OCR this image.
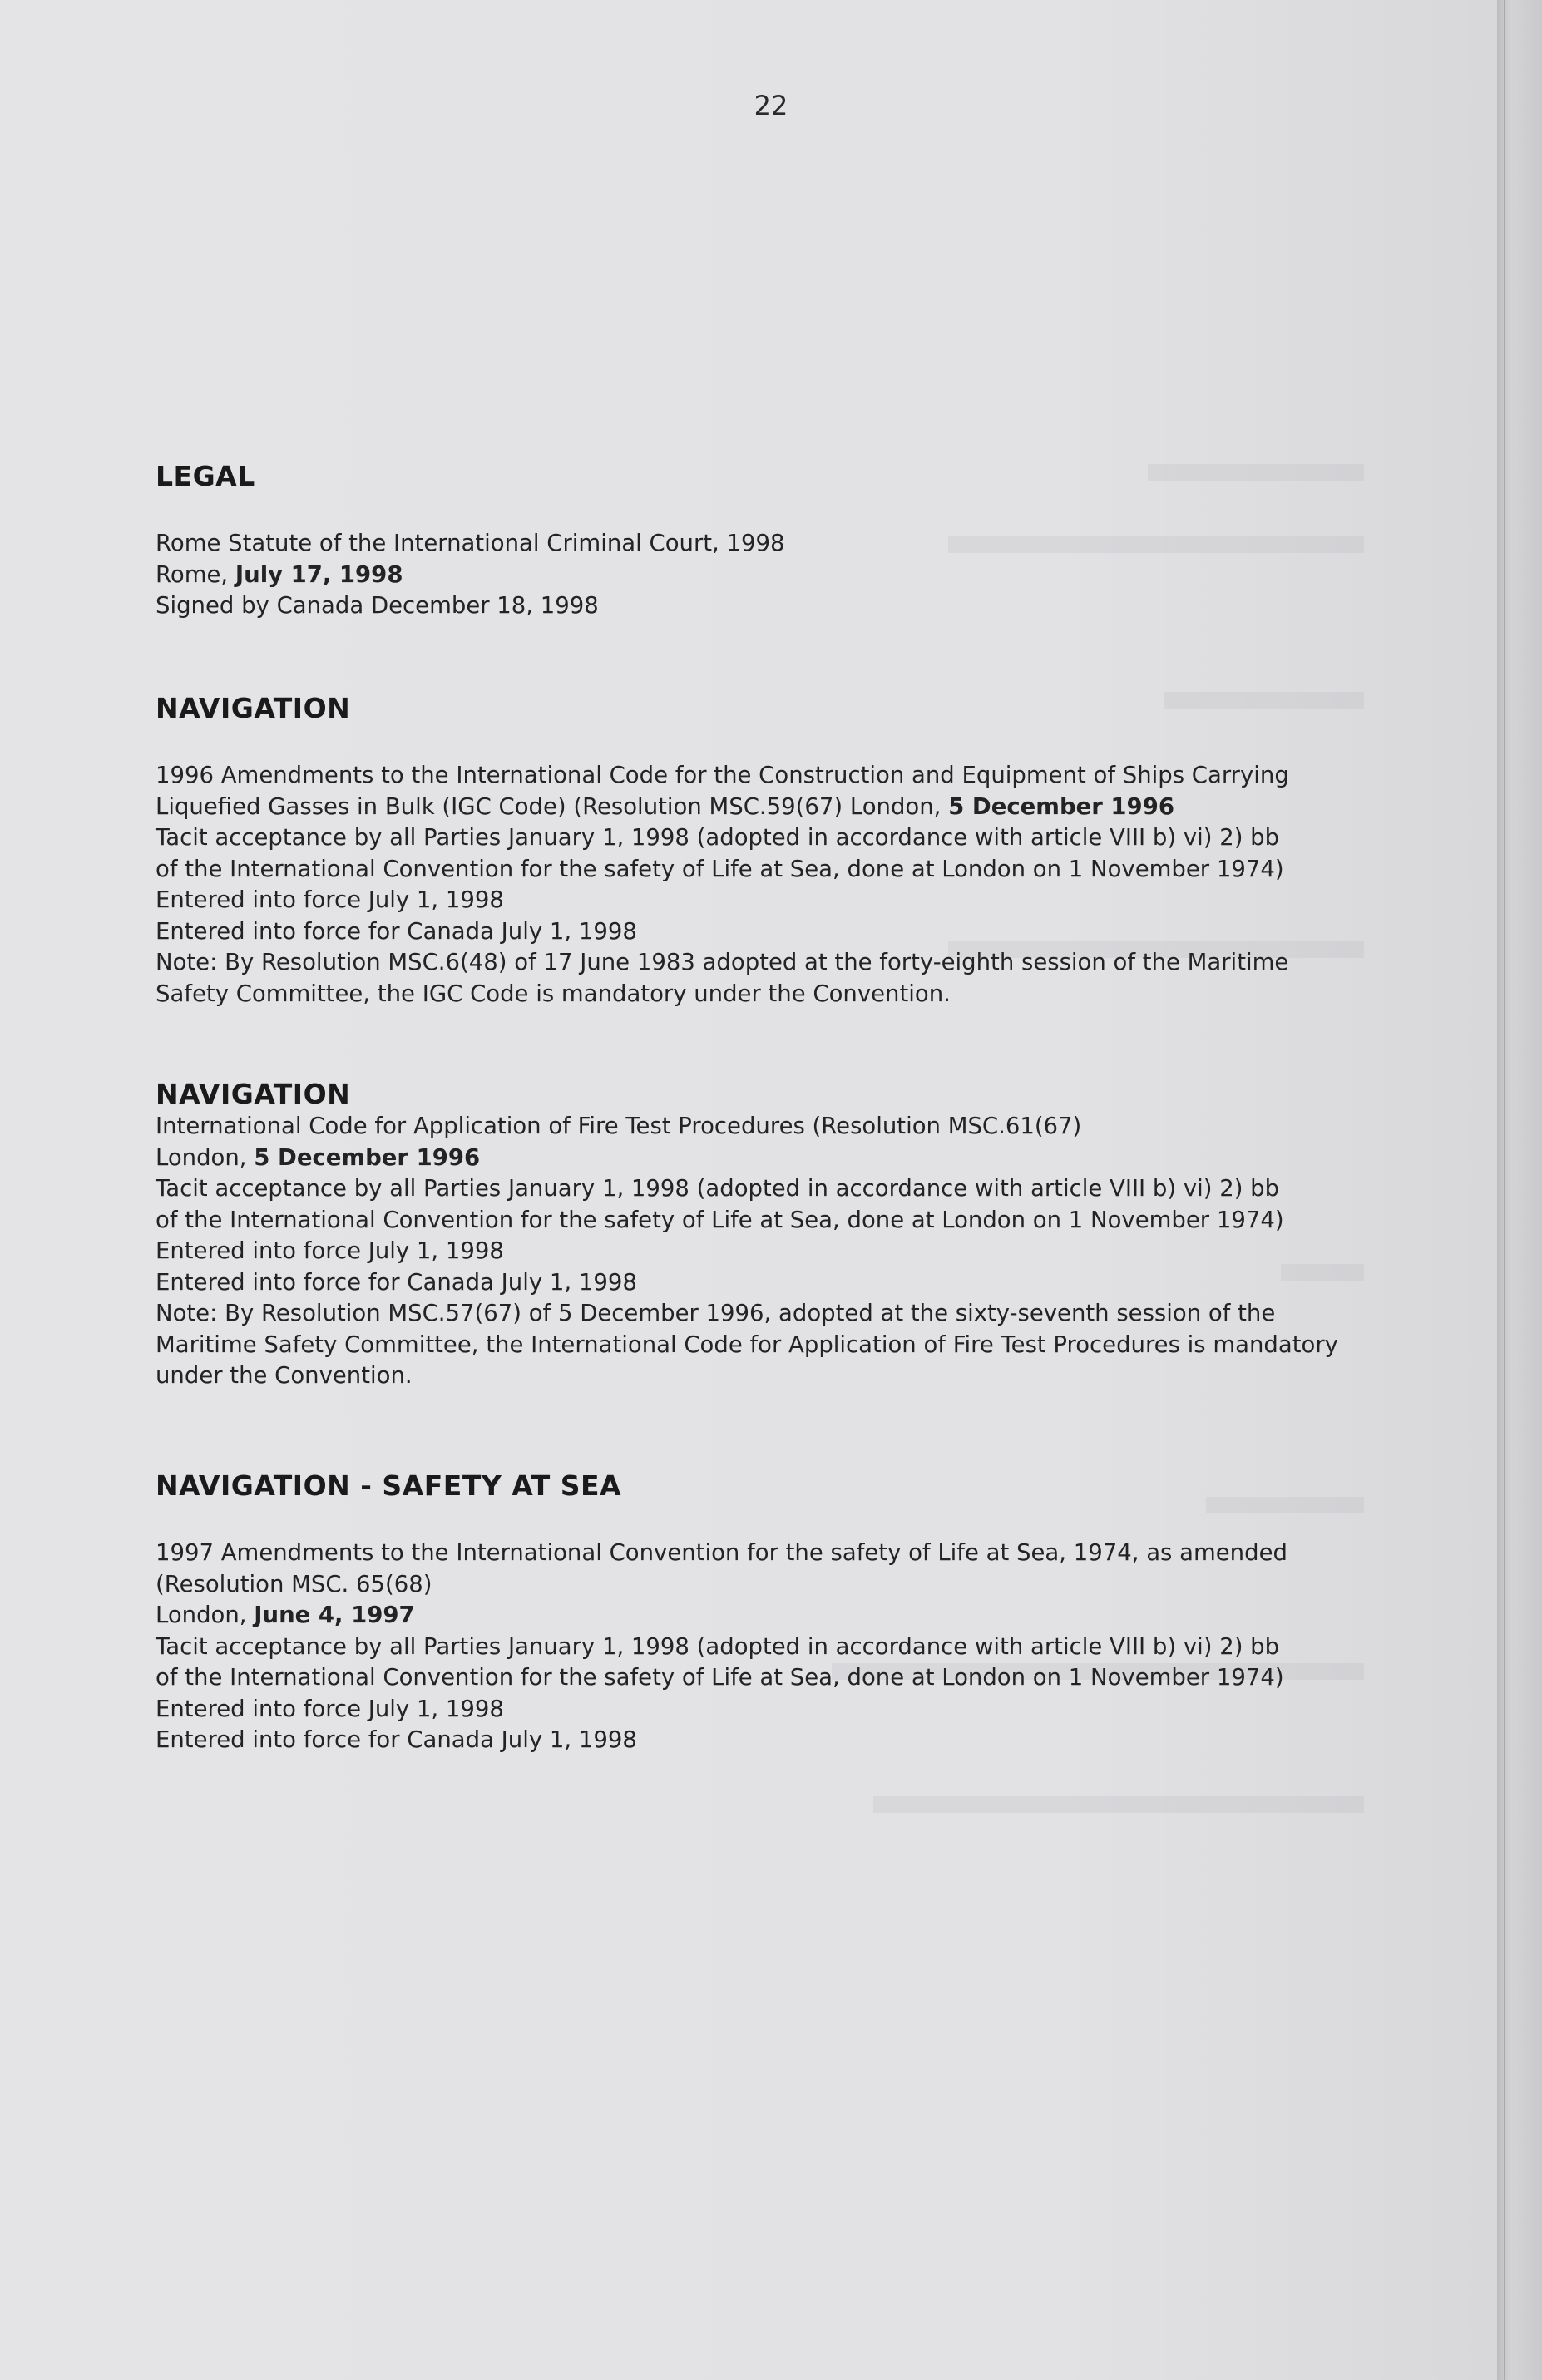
22
LEGAL

Rome Statute of the International Criminal Court, 1998

Rome, July 17, 1998

Signed by Canada December 18, 1998

NAVIGATION

1996 Amendments to the International Code for the Construction and Equipment of Ships Carrying

Liquefied Gasses in Bulk (IGC Code) (Resolution MSC.59(67) London, 5 December 1996

Tacit acceptance by all Parties January 1, 1998 (adopted in accordance with article VIII b) vi) 2) bb

of the International Convention for the safety of Life at Sea, done at London on 1 November 1974)

Entered into force July 1, 1998

Entered into force for Canada July 1, 1998

Note: By Resolution MSC.6(48) of 17 June 1983 adopted at the forty-eighth session of the Maritime

Safety Committee, the IGC Code is mandatory under the Convention.

NAVIGATION

International Code for Application of Fire Test Procedures (Resolution MSC.61(67)

London, 5 December 1996

Tacit acceptance by all Parties January 1, 1998 (adopted in accordance with article VIII b) vi) 2) bb

of the International Convention for the safety of Life at Sea, done at London on 1 November 1974)

Entered into force July 1, 1998

Entered into force for Canada July 1, 1998

Note: By Resolution MSC.57(67) of 5 December 1996, adopted at the sixty-seventh session of the

Maritime Safety Committee, the International Code for Application of Fire Test Procedures is mandatory

under the Convention.

NAVIGATION - SAFETY AT SEA

1997 Amendments to the International Convention for the safety of Life at Sea, 1974, as amended

(Resolution MSC. 65(68)

London, June 4, 1997

Tacit acceptance by all Parties January 1, 1998 (adopted in accordance with article VIII b) vi) 2) bb

of the International Convention for the safety of Life at Sea, done at London on 1 November 1974)

Entered into force July 1, 1998

Entered into force for Canada July 1, 1998
